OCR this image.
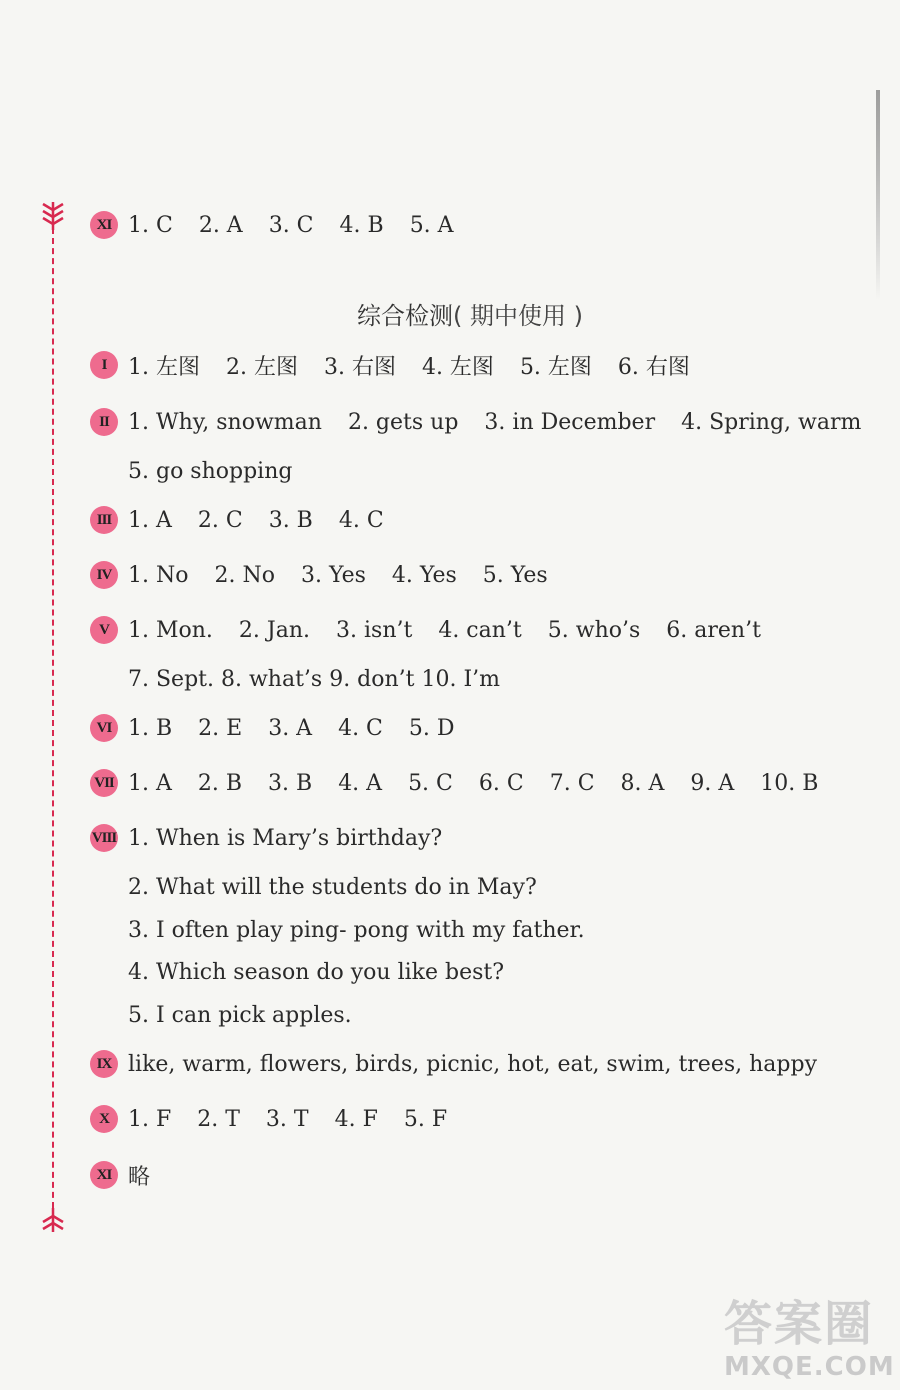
XI 1. C 2. A 3. C 4. B 5. A
综合检测( 期中使用 )
I 1. 左图 2. 左图 3. 右图 4. 左图 5. 左图 6. 右图
II 1. Why, snowman 2. gets up 3. in December 4. Spring, warm
5. go shopping
III 1. A 2. C 3. B 4. C
IV 1. No 2. No 3. Yes 4. Yes 5. Yes
V 1. Mon. 2. Jan. 3. isn’t 4. can’t 5. who’s 6. aren’t
7. Sept. 8. what’s 9. don’t 10. I’m
VI 1. B 2. E 3. A 4. C 5. D
VII 1. A 2. B 3. B 4. A 5. C 6. C 7. C 8. A 9. A 10. B
VIII 1. When is Mary’s birthday?
2. What will the students do in May?
3. I often play ping- pong with my father.
4. Which season do you like best?
5. I can pick apples.
IX like, warm, flowers, birds, picnic, hot, eat, swim, trees, happy
X 1. F 2. T 3. T 4. F 5. F
XI 略
答案圈
MXQE.COM
